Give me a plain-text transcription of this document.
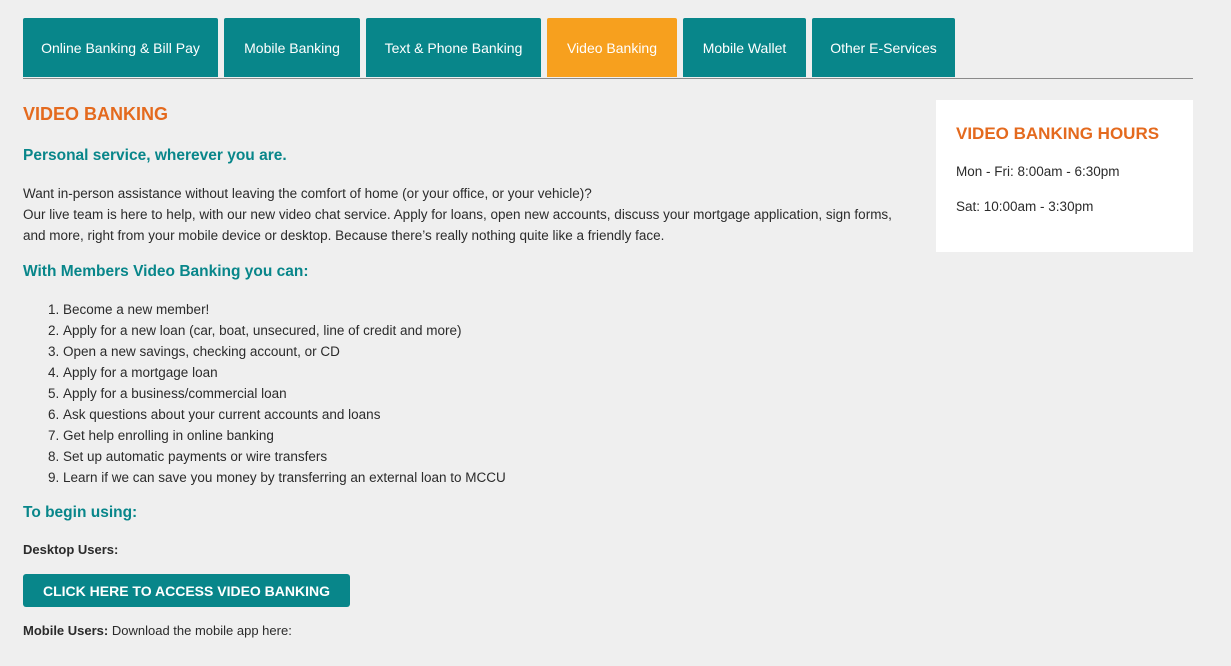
Online Banking & Bill Pay	Mobile Banking	Text & Phone Banking	Video Banking	Mobile Wallet	Other E-Services
VIDEO BANKING
Personal service, wherever you are.
Want in-person assistance without leaving the comfort of home (or your office, or your vehicle)?
Our live team is here to help, with our new video chat service. Apply for loans, open new accounts, discuss your mortgage application, sign forms, and more, right from your mobile device or desktop. Because there’s really nothing quite like a friendly face.
With Members Video Banking you can:
1. Become a new member!
2. Apply for a new loan (car, boat, unsecured, line of credit and more)
3. Open a new savings, checking account, or CD
4. Apply for a mortgage loan
5. Apply for a business/commercial loan
6. Ask questions about your current accounts and loans
7. Get help enrolling in online banking
8. Set up automatic payments or wire transfers
9. Learn if we can save you money by transferring an external loan to MCCU
To begin using:
Desktop Users:
CLICK HERE TO ACCESS VIDEO BANKING
Mobile Users: Download the mobile app here:
VIDEO BANKING HOURS
Mon - Fri: 8:00am - 6:30pm
Sat: 10:00am - 3:30pm
